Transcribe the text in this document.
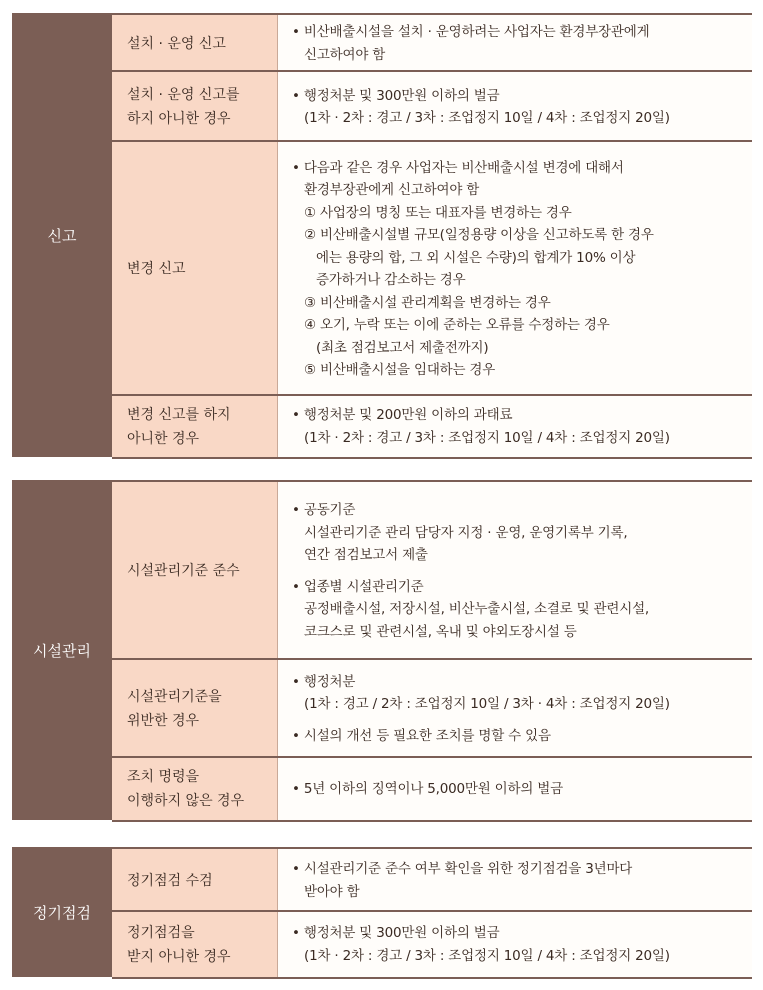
신고
설치 · 운영 신고
• 비산배출시설을 설치 · 운영하려는 사업자는 환경부장관에게
신고하여야 함
설치 · 운영 신고를
하지 아니한 경우
• 행정처분 및 300만원 이하의 벌금
(1차 · 2차 : 경고 / 3차 : 조업정지 10일 / 4차 : 조업정지 20일)
변경 신고
• 다음과 같은 경우 사업자는 비산배출시설 변경에 대해서
환경부장관에게 신고하여야 함
① 사업장의 명칭 또는 대표자를 변경하는 경우
② 비산배출시설별 규모(일정용량 이상을 신고하도록 한 경우
에는 용량의 합, 그 외 시설은 수량)의 합계가 10% 이상
증가하거나 감소하는 경우
③ 비산배출시설 관리계획을 변경하는 경우
④ 오기, 누락 또는 이에 준하는 오류를 수정하는 경우
(최초 점검보고서 제출전까지)
⑤ 비산배출시설을 임대하는 경우
변경 신고를 하지
아니한 경우
• 행정처분 및 200만원 이하의 과태료
(1차 · 2차 : 경고 / 3차 : 조업정지 10일 / 4차 : 조업정지 20일)
시설관리
시설관리기준 준수
• 공동기준
시설관리기준 관리 담당자 지정 · 운영, 운영기록부 기록,
연간 점검보고서 제출
• 업종별 시설관리기준
공정배출시설, 저장시설, 비산누출시설, 소결로 및 관련시설,
코크스로 및 관련시설, 옥내 및 야외도장시설 등
시설관리기준을
위반한 경우
• 행정처분
(1차 : 경고 / 2차 : 조업정지 10일 / 3차 · 4차 : 조업정지 20일)
• 시설의 개선 등 필요한 조치를 명할 수 있음
조치 명령을
이행하지 않은 경우
• 5년 이하의 징역이나 5,000만원 이하의 벌금
정기점검
정기점검 수검
• 시설관리기준 준수 여부 확인을 위한 정기점검을 3년마다
받아야 함
정기점검을
받지 아니한 경우
• 행정처분 및 300만원 이하의 벌금
(1차 · 2차 : 경고 / 3차 : 조업정지 10일 / 4차 : 조업정지 20일)
